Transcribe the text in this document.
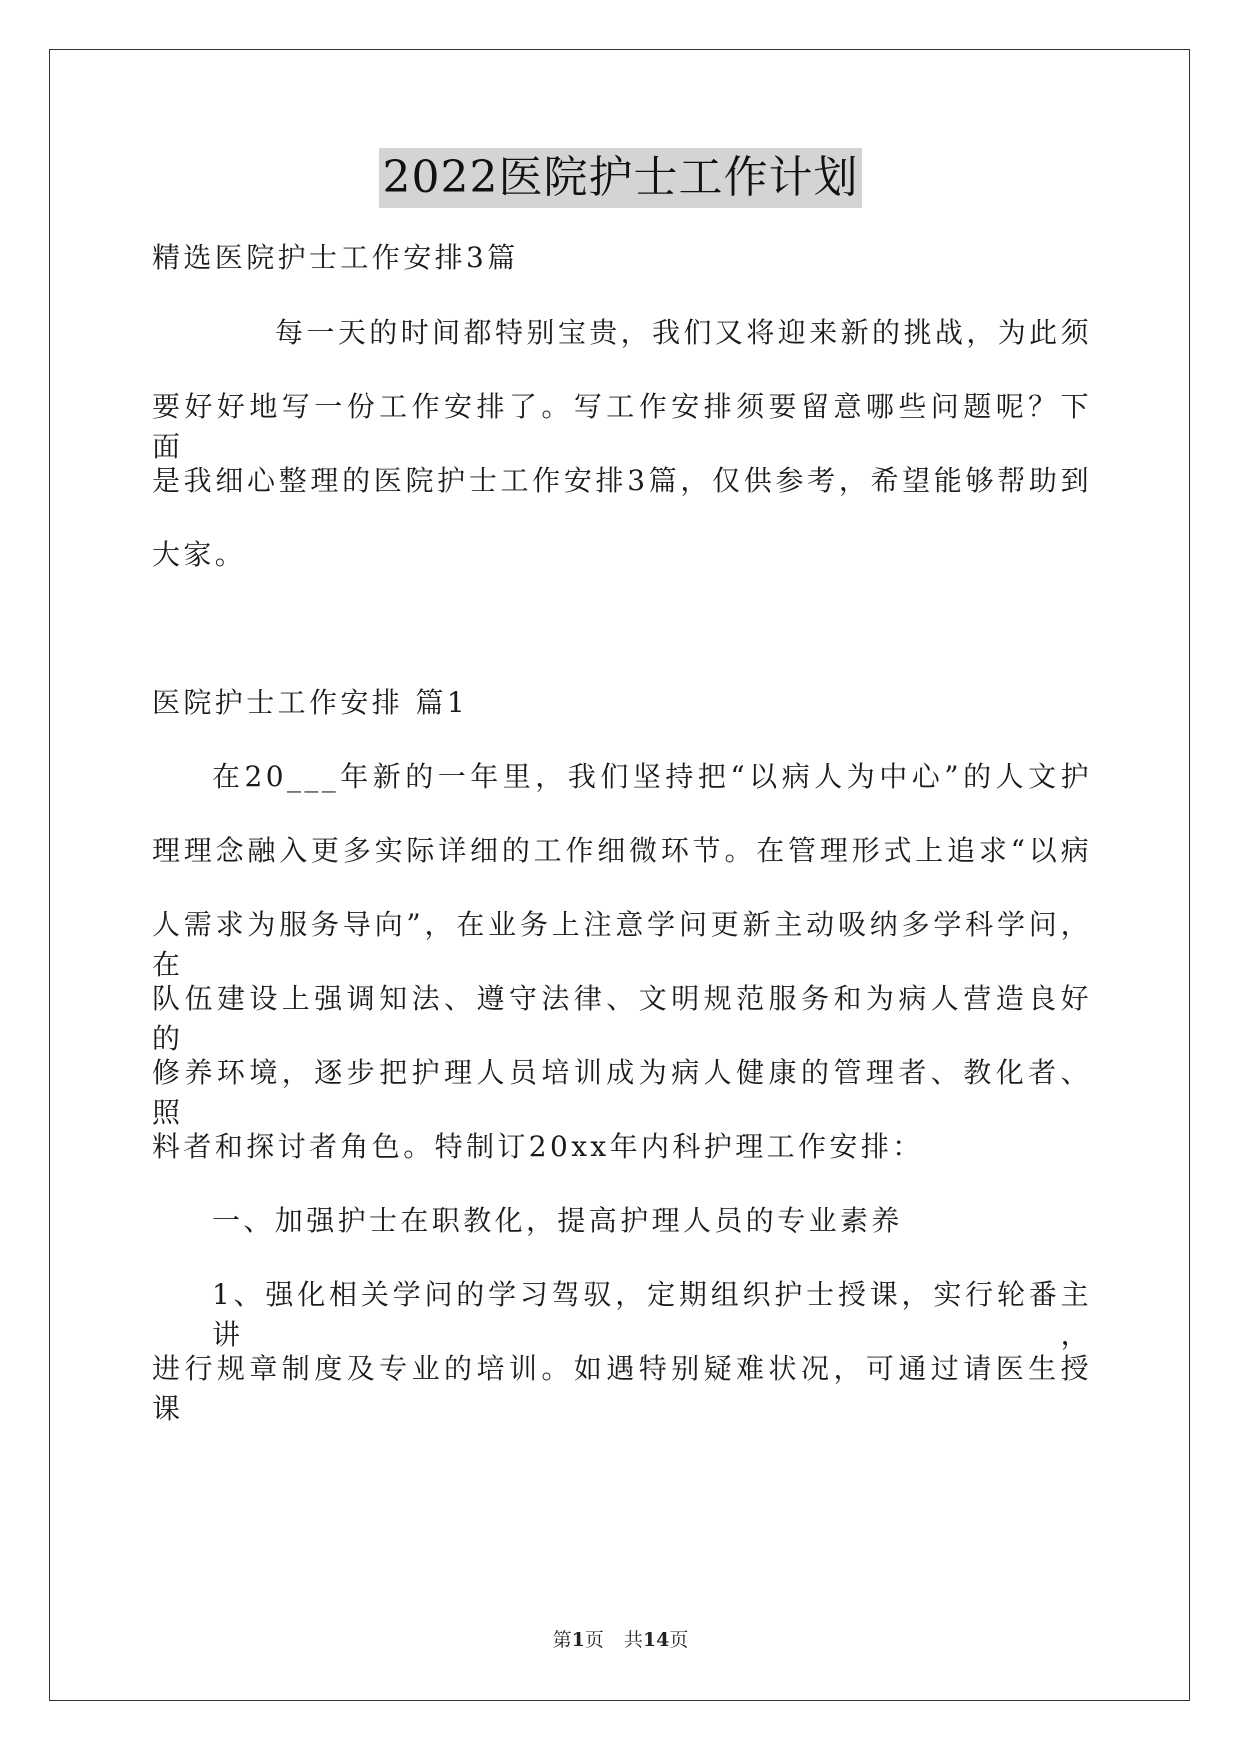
2022医院护士工作计划
精选医院护士工作安排3篇
每一天的时间都特别宝贵，我们又将迎来新的挑战，为此须
要好好地写一份工作安排了。写工作安排须要留意哪些问题呢？下面
是我细心整理的医院护士工作安排3篇，仅供参考，希望能够帮助到
大家。
医院护士工作安排 篇1
在20___年新的一年里，我们坚持把“以病人为中心”的人文护
理理念融入更多实际详细的工作细微环节。在管理形式上追求“以病
人需求为服务导向”，在业务上注意学问更新主动吸纳多学科学问，在
队伍建设上强调知法、遵守法律、文明规范服务和为病人营造良好的
修养环境，逐步把护理人员培训成为病人健康的管理者、教化者、照
料者和探讨者角色。特制订20xx年内科护理工作安排：
一、加强护士在职教化，提高护理人员的专业素养
1、强化相关学问的学习驾驭，定期组织护士授课，实行轮番主讲，
进行规章制度及专业的培训。如遇特别疑难状况，可通过请医生授课
第1页 共14页
